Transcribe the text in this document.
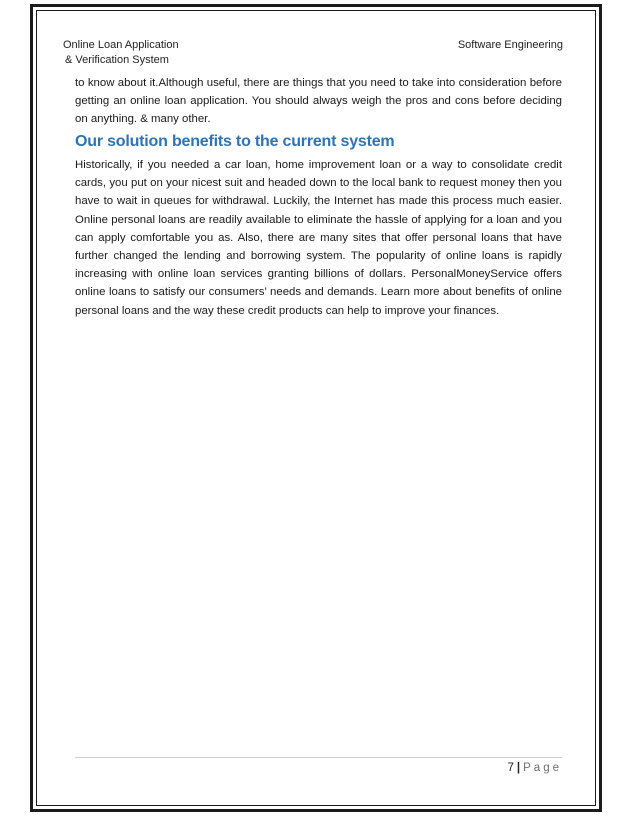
Online Loan Application
& Verification System
Software Engineering
to know about it.Although useful, there are things that you need to take into consideration before getting an online loan application. You should always weigh the pros and cons before deciding on anything. & many other.
Our solution benefits to the current system
Historically, if you needed a car loan, home improvement loan or a way to consolidate credit cards, you put on your nicest suit and headed down to the local bank to request money then you have to wait in queues for withdrawal. Luckily, the Internet has made this process much easier. Online personal loans are readily available to eliminate the hassle of applying for a loan and you can apply comfortable you as. Also, there are many sites that offer personal loans that have further changed the lending and borrowing system. The popularity of online loans is rapidly increasing with online loan services granting billions of dollars. PersonalMoneyService offers online loans to satisfy our consumers’ needs and demands. Learn more about benefits of online personal loans and the way these credit products can help to improve your finances.
7 | Page
